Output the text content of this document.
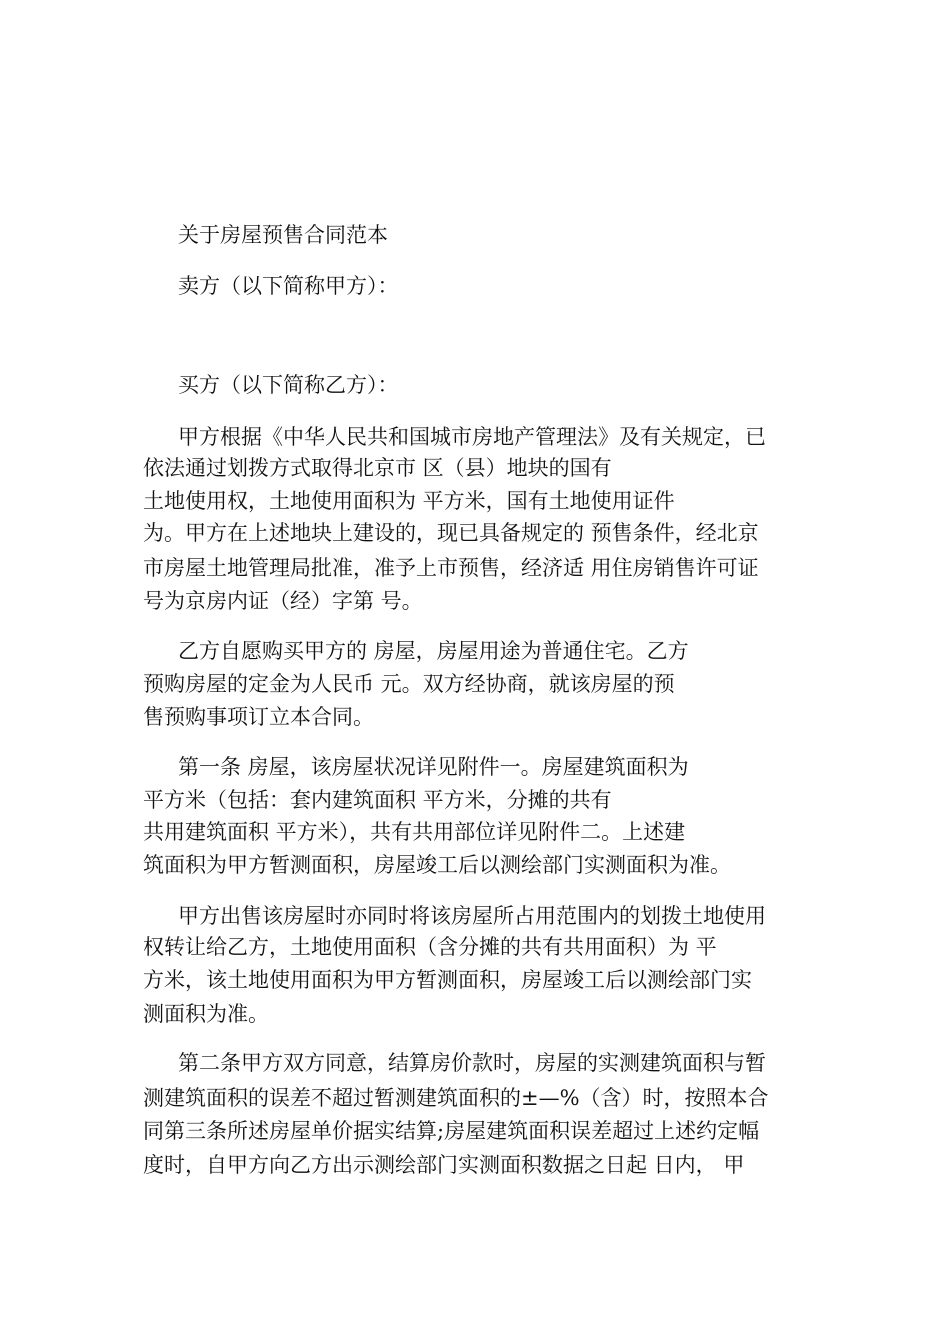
关于房屋预售合同范本
卖方（以下简称甲方）：
买方（以下简称乙方）：
甲方根据《中华人民共和国城市房地产管理法》及有关规定，已
依法通过划拨方式取得北京市 区（县）地块的国有
土地使用权，土地使用面积为 平方米，国有土地使用证件
为。甲方在上述地块上建设的，现已具备规定的 预售条件，经北京
市房屋土地管理局批准，准予上市预售，经济适 用住房销售许可证
号为京房内证（经）字第 号。
乙方自愿购买甲方的 房屋，房屋用途为普通住宅。乙方
预购房屋的定金为人民币 元。双方经协商，就该房屋的预
售预购事项订立本合同。
第一条 房屋，该房屋状况详见附件一。房屋建筑面积为
平方米（包括：套内建筑面积 平方米，分摊的共有
共用建筑面积 平方米），共有共用部位详见附件二。上述建
筑面积为甲方暂测面积，房屋竣工后以测绘部门实测面积为准。
甲方出售该房屋时亦同时将该房屋所占用范围内的划拨土地使用
权转让给乙方，土地使用面积（含分摊的共有共用面积）为 平
方米，该土地使用面积为甲方暂测面积，房屋竣工后以测绘部门实
测面积为准。
第二条甲方双方同意，结算房价款时，房屋的实测建筑面积与暂
测建筑面积的误差不超过暂测建筑面积的±—%（含）时，按照本合
同第三条所述房屋单价据实结算;房屋建筑面积误差超过上述约定幅
度时，自甲方向乙方出示测绘部门实测面积数据之日起 日内， 甲
